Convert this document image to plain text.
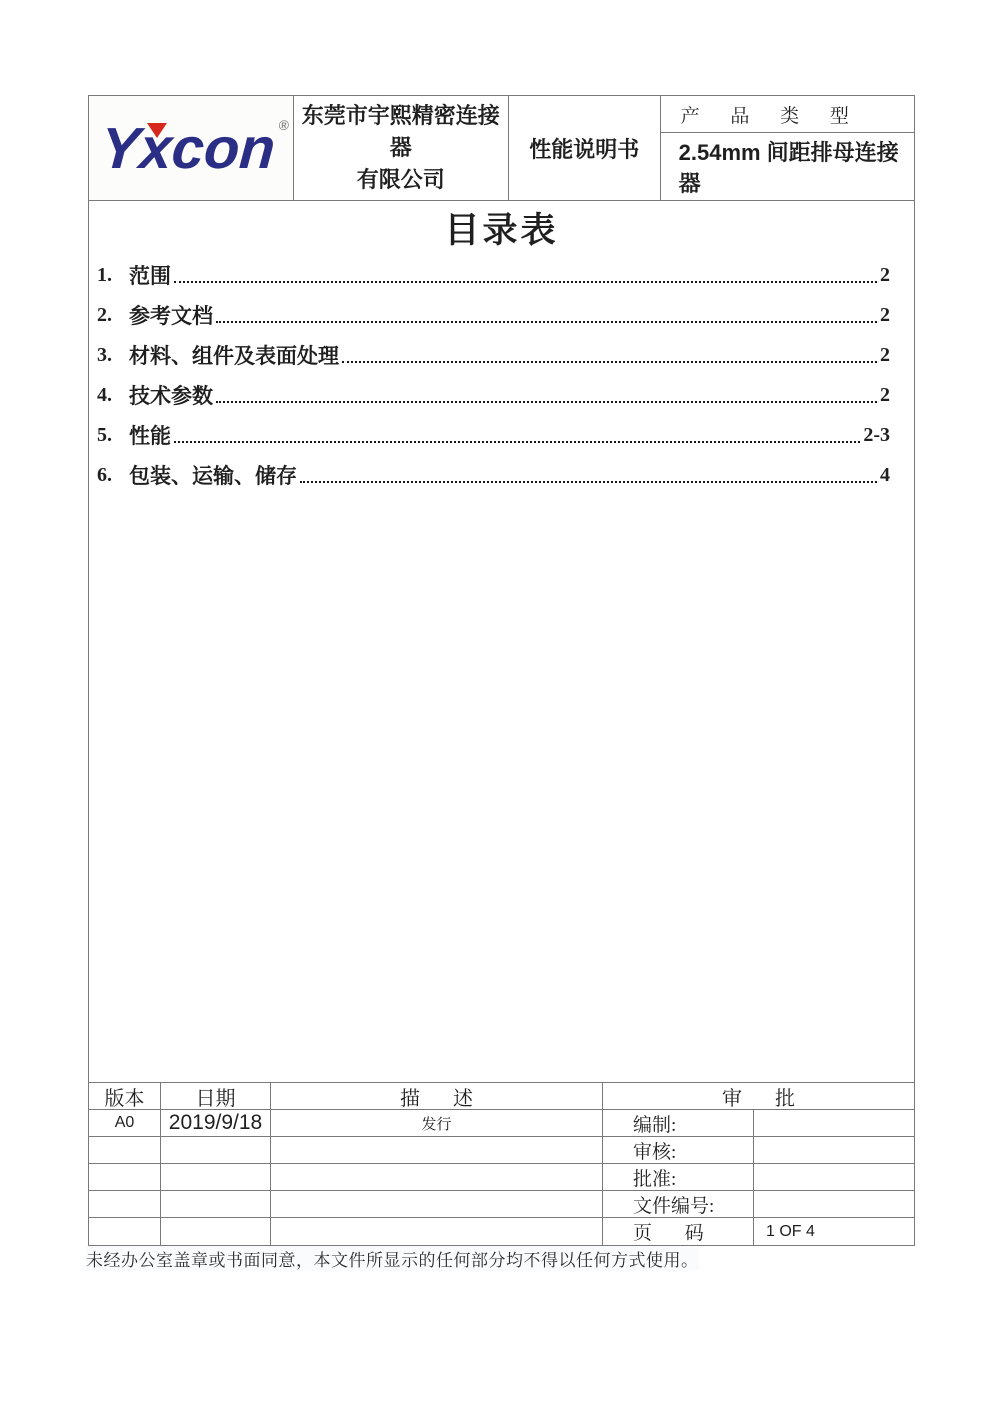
Yxcon® 东莞市宇熙精密连接器
有限公司
性能说明书
产 品 类 型
2.54mm 间距排母连接器
目录表
1. 范围	2
2. 参考文档	2
3. 材料、组件及表面处理	2
4. 技术参数	2
5. 性能	2-3
6. 包装、运输、储存	4
版本	日期	描 述	审 批
A0	2019/9/18	发行	编制:
审核:
批准:
文件编号:
页 码	1 OF 4
未经办公室盖章或书面同意，本文件所显示的任何部分均不得以任何方式使用。
